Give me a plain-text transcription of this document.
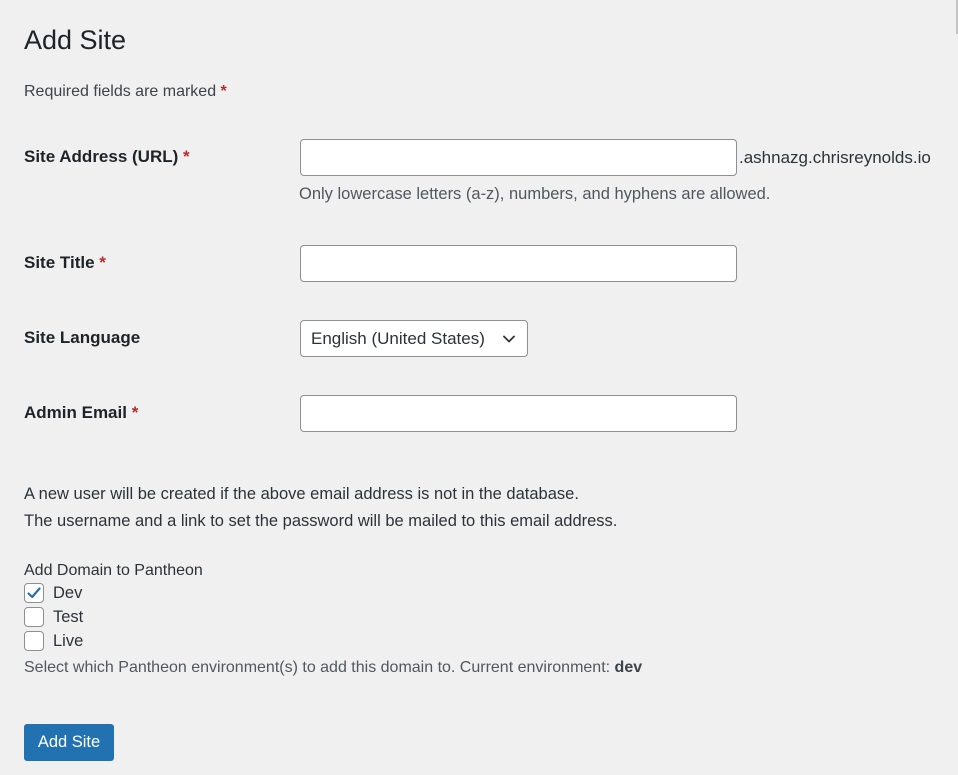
Add Site
Required fields are marked *
Site Address (URL) *	.ashnazg.chrisreynolds.io
Only lowercase letters (a-z), numbers, and hyphens are allowed.
Site Title *
Site Language	English (United States)
Admin Email *
A new user will be created if the above email address is not in the database.
The username and a link to set the password will be mailed to this email address.
Add Domain to Pantheon
Dev
Test
Live
Select which Pantheon environment(s) to add this domain to. Current environment: dev
Add Site
